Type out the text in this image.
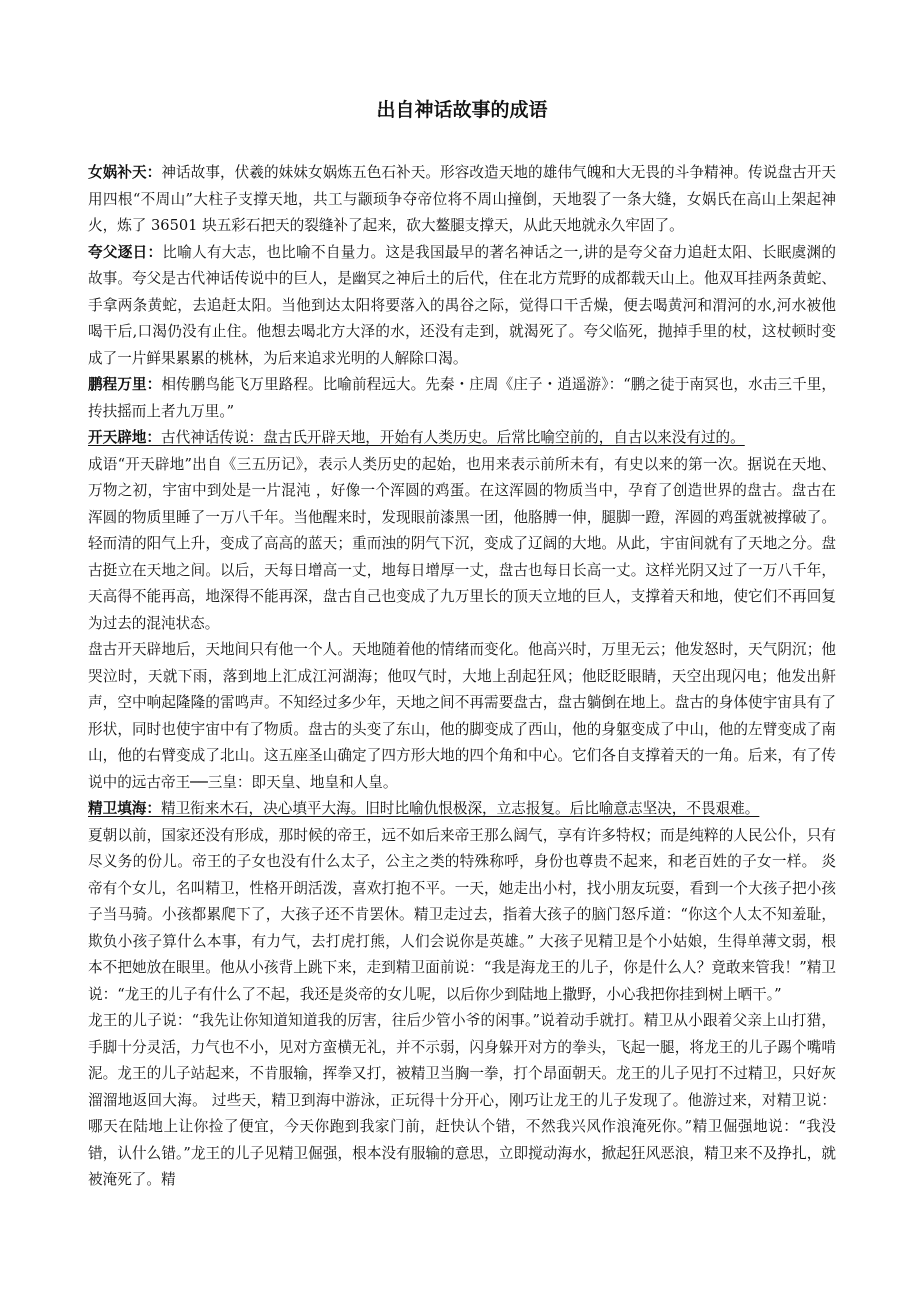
出自神话故事的成语

女娲补天：神话故事，伏羲的妹妹女娲炼五色石补天。形容改造天地的雄伟气魄和大无畏的斗争精神。传说盘古开天用四根“不周山”大柱子支撑天地，共工与颛顼争夺帝位将不周山撞倒，天地裂了一条大缝，女娲氏在高山上架起神火，炼了 36501 块五彩石把天的裂缝补了起来，砍大鳌腿支撑天，从此天地就永久牢固了。

夸父逐日：比喻人有大志，也比喻不自量力。这是我国最早的著名神话之一,讲的是夸父奋力追赶太阳、长眠虞渊的故事。夸父是古代神话传说中的巨人，是幽冥之神后土的后代，住在北方荒野的成都载天山上。他双耳挂两条黄蛇、手拿两条黄蛇，去追赶太阳。当他到达太阳将要落入的禺谷之际，觉得口干舌燥，便去喝黄河和渭河的水,河水被他喝干后,口渴仍没有止住。他想去喝北方大泽的水，还没有走到，就渴死了。夸父临死，抛掉手里的杖，这杖顿时变成了一片鲜果累累的桃林，为后来追求光明的人解除口渴。

鹏程万里：相传鹏鸟能飞万里路程。比喻前程远大。先秦・庄周《庄子・逍遥游》：“鹏之徒于南冥也，水击三千里，抟扶摇而上者九万里。”

开天辟地：古代神话传说：盘古氏开辟天地，开始有人类历史。后常比喻空前的，自古以来没有过的。

成语“开天辟地”出自《三五历记》，表示人类历史的起始，也用来表示前所未有，有史以来的第一次。据说在天地、万物之初，宇宙中到处是一片混沌 ，好像一个浑圆的鸡蛋。在这浑圆的物质当中，孕育了创造世界的盘古。盘古在浑圆的物质里睡了一万八千年。当他醒来时，发现眼前漆黑一团，他胳膊一伸，腿脚一蹬，浑圆的鸡蛋就被撑破了。轻而清的阳气上升，变成了高高的蓝天；重而浊的阴气下沉，变成了辽阔的大地。从此，宇宙间就有了天地之分。盘古挺立在天地之间。以后，天每日增高一丈，地每日增厚一丈，盘古也每日长高一丈。这样光阴又过了一万八千年，天高得不能再高，地深得不能再深，盘古自己也变成了九万里长的顶天立地的巨人，支撑着天和地，使它们不再回复为过去的混沌状态。

盘古开天辟地后，天地间只有他一个人。天地随着他的情绪而变化。他高兴时，万里无云；他发怒时，天气阴沉；他哭泣时，天就下雨，落到地上汇成江河湖海；他叹气时，大地上刮起狂风；他眨眨眼睛，天空出现闪电；他发出鼾声，空中响起隆隆的雷鸣声。不知经过多少年，天地之间不再需要盘古，盘古躺倒在地上。盘古的身体使宇宙具有了形状，同时也使宇宙中有了物质。盘古的头变了东山，他的脚变成了西山，他的身躯变成了中山，他的左臂变成了南山，他的右臂变成了北山。这五座圣山确定了四方形大地的四个角和中心。它们各自支撑着天的一角。后来，有了传说中的远古帝王──三皇：即天皇、地皇和人皇。

精卫填海：精卫衔来木石，决心填平大海。旧时比喻仇恨极深，立志报复。后比喻意志坚决，不畏艰难。

夏朝以前，国家还没有形成，那时候的帝王，远不如后来帝王那么阔气，享有许多特权；而是纯粹的人民公仆，只有尽义务的份儿。帝王的子女也没有什么太子，公主之类的特殊称呼，身份也尊贵不起来，和老百姓的子女一样。 炎帝有个女儿，名叫精卫，性格开朗活泼，喜欢打抱不平。一天，她走出小村，找小朋友玩耍，看到一个大孩子把小孩子当马骑。小孩都累爬下了，大孩子还不肯罢休。精卫走过去，指着大孩子的脑门怒斥道：“你这个人太不知羞耻，欺负小孩子算什么本事，有力气，去打虎打熊，人们会说你是英雄。” 大孩子见精卫是个小姑娘，生得单薄文弱，根本不把她放在眼里。他从小孩背上跳下来，走到精卫面前说：“我是海龙王的儿子，你是什么人？竟敢来管我！”精卫说：“龙王的儿子有什么了不起，我还是炎帝的女儿呢，以后你少到陆地上撒野，小心我把你挂到树上晒干。”

龙王的儿子说：“我先让你知道知道我的厉害，往后少管小爷的闲事。”说着动手就打。精卫从小跟着父亲上山打猎，手脚十分灵活，力气也不小，见对方蛮横无礼，并不示弱，闪身躲开对方的拳头，飞起一腿，将龙王的儿子踢个嘴啃泥。龙王的儿子站起来，不肯服输，挥拳又打，被精卫当胸一拳，打个昂面朝天。龙王的儿子见打不过精卫，只好灰溜溜地返回大海。 过些天，精卫到海中游泳，正玩得十分开心，刚巧让龙王的儿子发现了。他游过来，对精卫说：哪天在陆地上让你捡了便宜，今天你跑到我家门前，赶快认个错，不然我兴风作浪淹死你。”精卫倔强地说：“我没错，认什么错。”龙王的儿子见精卫倔强，根本没有服输的意思，立即搅动海水，掀起狂风恶浪，精卫来不及挣扎，就被淹死了。精
